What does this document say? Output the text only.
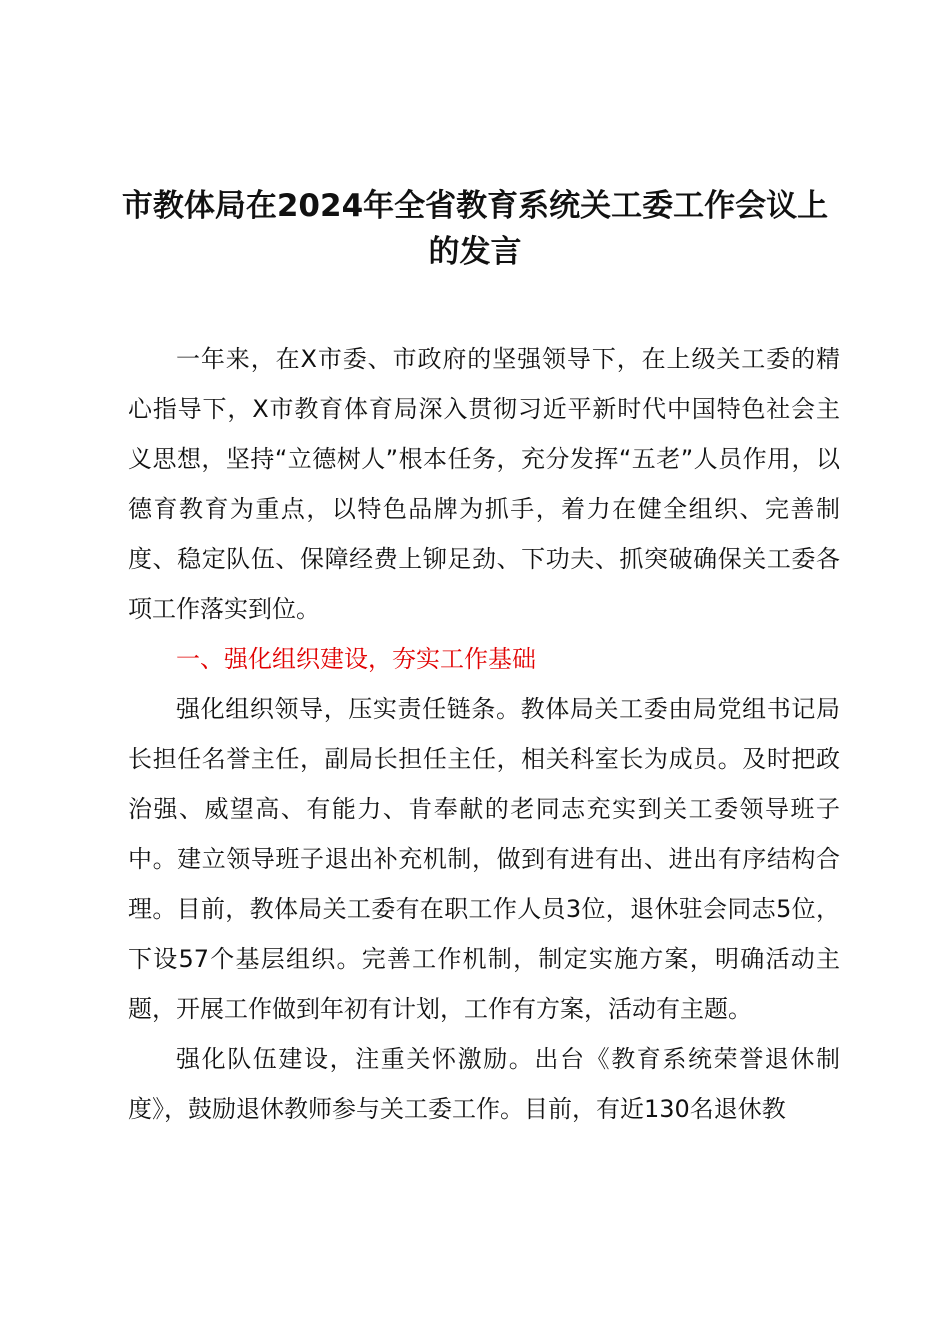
市教体局在2024年全省教育系统关工委工作会议上的发言

一年来，在X市委、市政府的坚强领导下，在上级关工委的精心指导下，X市教育体育局深入贯彻习近平新时代中国特色社会主义思想，坚持“立德树人”根本任务，充分发挥“五老”人员作用，以德育教育为重点，以特色品牌为抓手，着力在健全组织、完善制度、稳定队伍、保障经费上铆足劲、下功夫、抓突破确保关工委各项工作落实到位。

一、强化组织建设，夯实工作基础

强化组织领导，压实责任链条。教体局关工委由局党组书记局长担任名誉主任，副局长担任主任，相关科室长为成员。及时把政治强、威望高、有能力、肯奉献的老同志充实到关工委领导班子中。建立领导班子退出补充机制，做到有进有出、进出有序结构合理。目前，教体局关工委有在职工作人员3位，退休驻会同志5位，下设57个基层组织。完善工作机制，制定实施方案，明确活动主题，开展工作做到年初有计划，工作有方案，活动有主题。

强化队伍建设，注重关怀激励。出台《教育系统荣誉退休制度》，鼓励退休教师参与关工委工作。目前，有近130名退休教
